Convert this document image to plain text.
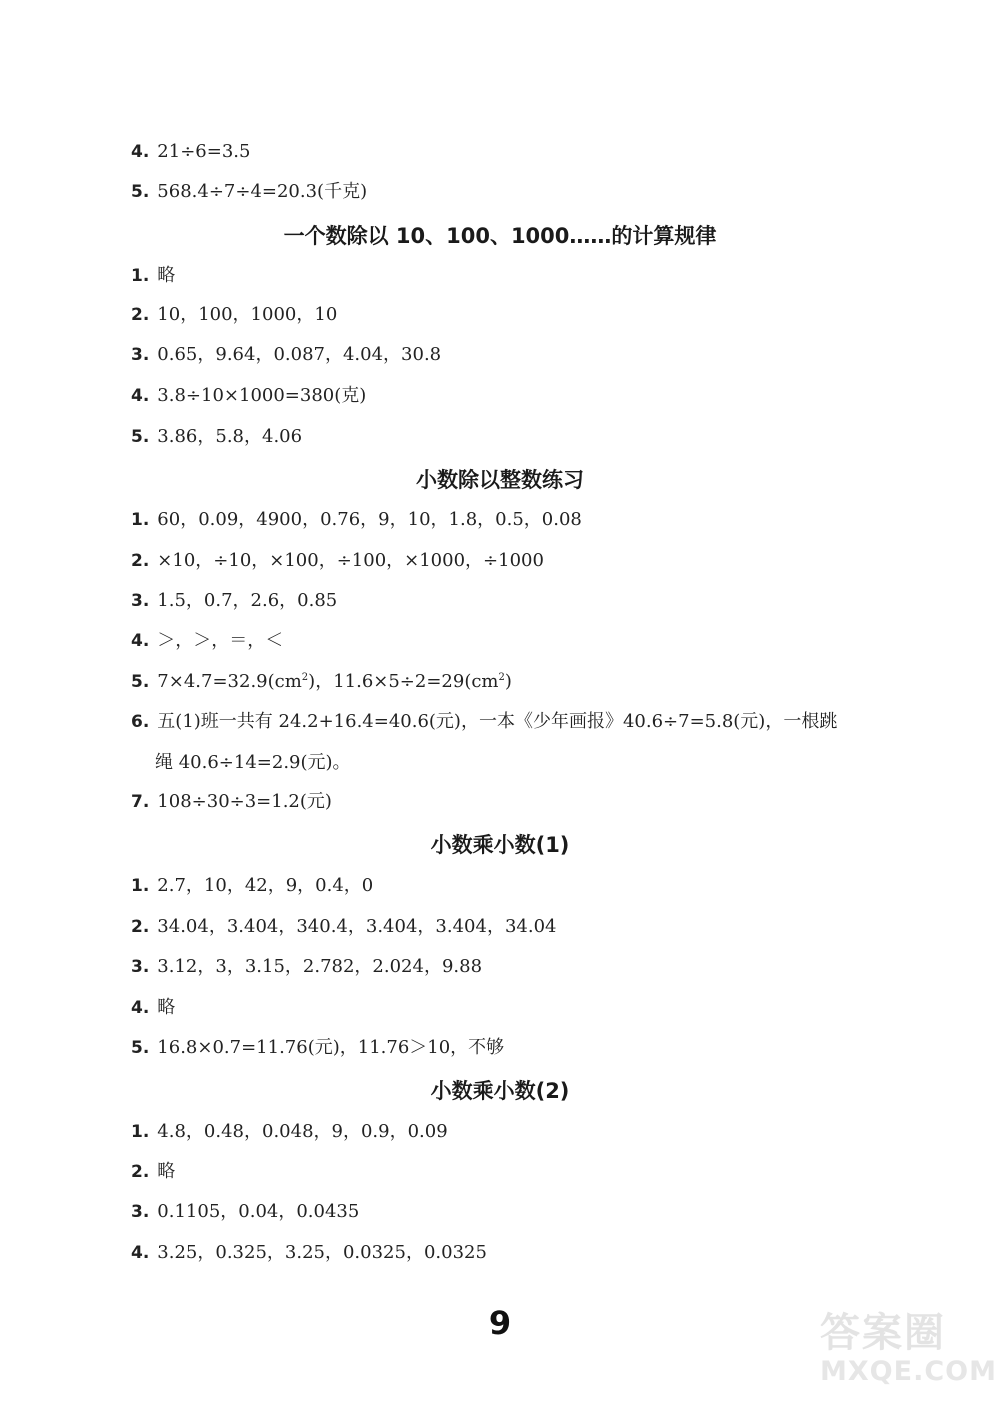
4. 21÷6=3.5
5. 568.4÷7÷4=20.3(千克)
一个数除以 10、100、1000……的计算规律
1. 略
2. 10，100，1000，10
3. 0.65，9.64，0.087，4.04，30.8
4. 3.8÷10×1000=380(克)
5. 3.86，5.8，4.06
小数除以整数练习
1. 60，0.09，4900，0.76，9，10，1.8，0.5，0.08
2. ×10，÷10，×100，÷100，×1000，÷1000
3. 1.5，0.7，2.6，0.85
4. ＞，＞，＝，＜
5. $7\times 4.7=32.9(cm^2)$，$11.6\times 5\div 2=29(cm^2)$
6. 五(1)班一共有 24.2+16.4=40.6(元)，一本《少年画报》40.6÷7=5.8(元)，一根跳
绳 40.6÷14=2.9(元)。
7. 108÷30÷3=1.2(元)
小数乘小数(1)
1. 2.7，10，42，9，0.4，0
2. 34.04，3.404，340.4，3.404，3.404，34.04
3. 3.12，3，3.15，2.782，2.024，9.88
4. 略
5. 16.8×0.7=11.76(元)，11.76＞10，不够
小数乘小数(2)
1. 4.8，0.48，0.048，9，0.9，0.09
2. 略
3. 0.1105，0.04，0.0435
4. 3.25，0.325，3.25，0.0325，0.0325
9	答案圈
MXQE.COM
